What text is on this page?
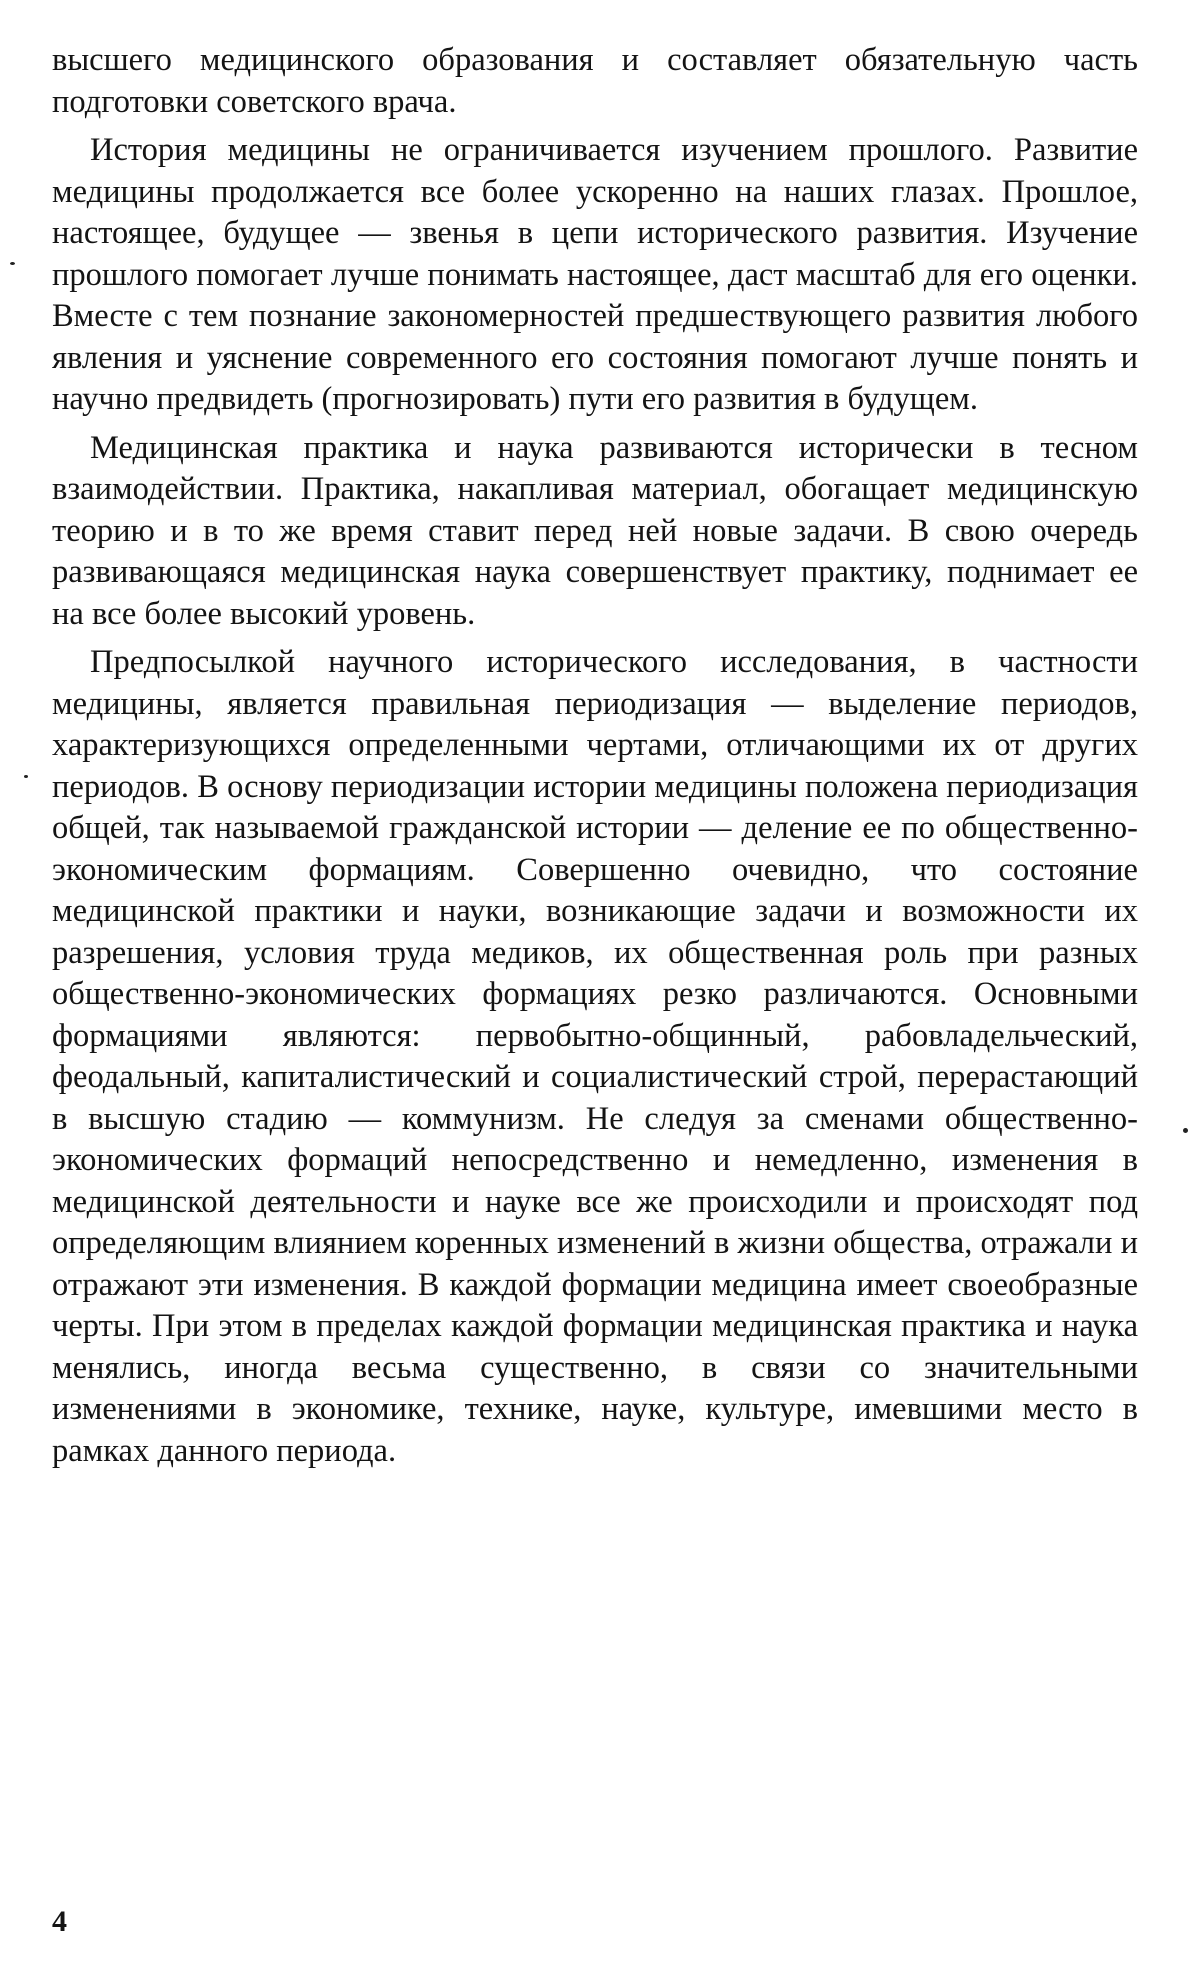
высшего медицинского образования и составляет обязательную часть подготовки советского врача.

История медицины не ограничивается изучением прошлого. Развитие медицины продолжается все более ускоренно на наших глазах. Прошлое, настоящее, будущее — звенья в цепи исторического развития. Изучение прошлого помогает лучше понимать настоящее, даст масштаб для его оценки. Вместе с тем познание закономерностей предшествующего развития любого явления и уяснение современного его состояния помогают лучше понять и научно предвидеть (прогнозировать) пути его развития в будущем.

Медицинская практика и наука развиваются исторически в тесном взаимодействии. Практика, накапливая материал, обогащает медицинскую теорию и в то же время ставит перед ней новые задачи. В свою очередь развивающаяся медицинская наука совершенствует практику, поднимает ее на все более высокий уровень.

Предпосылкой научного исторического исследования, в частности медицины, является правильная периодизация — выделение периодов, характеризующихся определенными чертами, отличающими их от других периодов. В основу периодизации истории медицины положена периодизация общей, так называемой гражданской истории — деление ее по общественно-экономическим формациям. Совершенно очевидно, что состояние медицинской практики и науки, возникающие задачи и возможности их разрешения, условия труда медиков, их общественная роль при разных общественно-экономических формациях резко различаются. Основными формациями являются: первобытно-общинный, рабовладельческий, феодальный, капиталистический и социалистический строй, перерастающий в высшую стадию — коммунизм. Не следуя за сменами общественно-экономических формаций непосредственно и немедленно, изменения в медицинской деятельности и науке все же происходили и происходят под определяющим влиянием коренных изменений в жизни общества, отражали и отражают эти изменения. В каждой формации медицина имеет своеобразные черты. При этом в пределах каждой формации медицинская практика и наука менялись, иногда весьма существенно, в связи со значительными изменениями в экономике, технике, науке, культуре, имевшими место в рамках данного периода.

4
